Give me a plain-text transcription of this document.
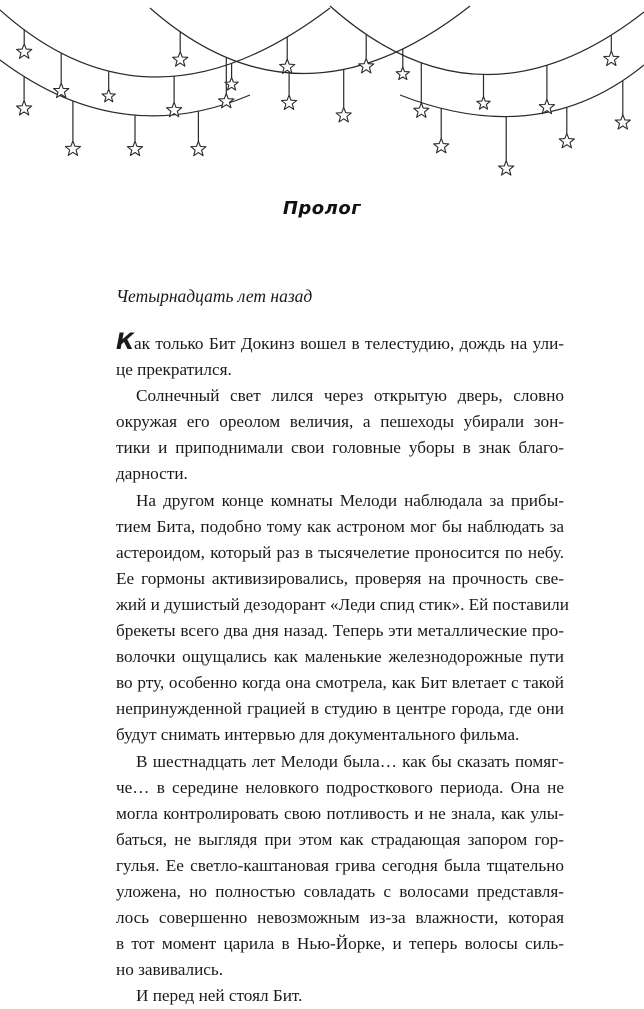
Пролог
Четырнадцать лет назад
Как только Бит Докинз вошел в телестудию, дождь на ули-
це прекратился.
Солнечный свет лился через открытую дверь, словно
окружая его ореолом величия, а пешеходы убирали зон-
тики и приподнимали свои головные уборы в знак благо-
дарности.
На другом конце комнаты Мелоди наблюдала за прибы-
тием Бита, подобно тому как астроном мог бы наблюдать за
астероидом, который раз в тысячелетие проносится по небу.
Ее гормоны активизировались, проверяя на прочность све-
жий и душистый дезодорант «Леди спид стик». Ей поставили
брекеты всего два дня назад. Теперь эти металлические про-
волочки ощущались как маленькие железнодорожные пути
во рту, особенно когда она смотрела, как Бит влетает с такой
непринужденной грацией в студию в центре города, где они
будут снимать интервью для документального фильма.
В шестнадцать лет Мелоди была… как бы сказать помяг-
че… в середине неловкого подросткового периода. Она не
могла контролировать свою потливость и не знала, как улы-
баться, не выглядя при этом как страдающая запором гор-
гулья. Ее светло-каштановая грива сегодня была тщательно
уложена, но полностью совладать с волосами представля-
лось совершенно невозможным из-за влажности, которая
в тот момент царила в Нью-Йорке, и теперь волосы силь-
но завивались.
И перед ней стоял Бит.
